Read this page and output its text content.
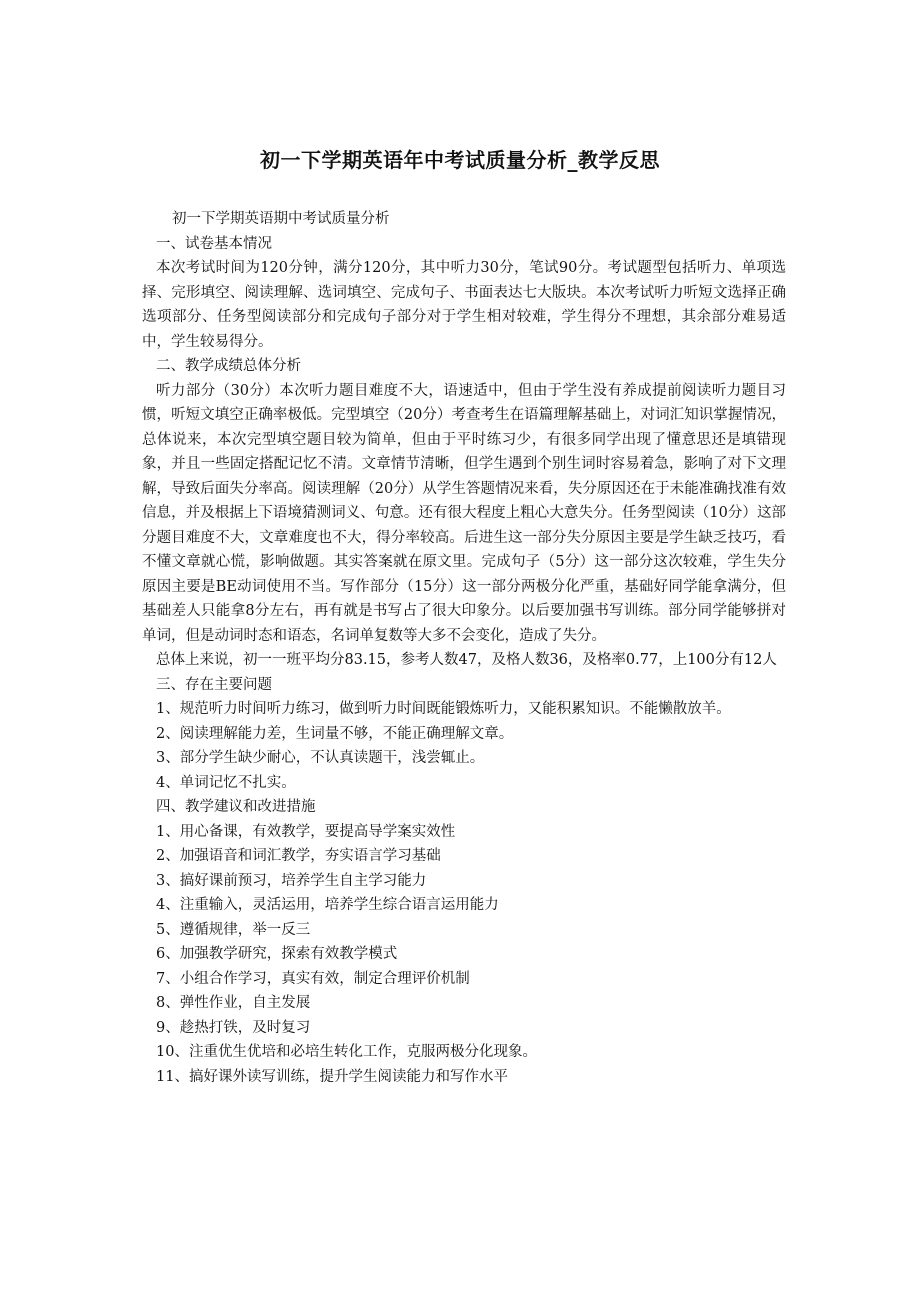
初一下学期英语年中考试质量分析_教学反思

初一下学期英语期中考试质量分析

一、试卷基本情况

本次考试时间为120分钟，满分120分，其中听力30分，笔试90分。考试题型包括听力、单项选择、完形填空、阅读理解、选词填空、完成句子、书面表达七大版块。本次考试听力听短文选择正确选项部分、任务型阅读部分和完成句子部分对于学生相对较难，学生得分不理想，其余部分难易适中，学生较易得分。

二、教学成绩总体分析

听力部分（30分）本次听力题目难度不大，语速适中，但由于学生没有养成提前阅读听力题目习惯，听短文填空正确率极低。完型填空（20分）考查考生在语篇理解基础上，对词汇知识掌握情况，总体说来，本次完型填空题目较为简单，但由于平时练习少，有很多同学出现了懂意思还是填错现象，并且一些固定搭配记忆不清。文章情节清晰，但学生遇到个别生词时容易着急，影响了对下文理解，导致后面失分率高。阅读理解（20分）从学生答题情况来看，失分原因还在于未能准确找准有效信息，并及根据上下语境猜测词义、句意。还有很大程度上粗心大意失分。任务型阅读（10分）这部分题目难度不大，文章难度也不大，得分率较高。后进生这一部分失分原因主要是学生缺乏技巧，看不懂文章就心慌，影响做题。其实答案就在原文里。完成句子（5分）这一部分这次较难，学生失分原因主要是BE动词使用不当。写作部分（15分）这一部分两极分化严重，基础好同学能拿满分，但基础差人只能拿8分左右，再有就是书写占了很大印象分。以后要加强书写训练。部分同学能够拼对单词，但是动词时态和语态，名词单复数等大多不会变化，造成了失分。

总体上来说，初一一班平均分83.15，参考人数47，及格人数36，及格率0.77，上100分有12人

三、存在主要问题

1、规范听力时间听力练习，做到听力时间既能锻炼听力，又能积累知识。不能懒散放羊。

2、阅读理解能力差，生词量不够，不能正确理解文章。

3、部分学生缺少耐心，不认真读题干，浅尝辄止。

4、单词记忆不扎实。

四、教学建议和改进措施

1、用心备课，有效教学，要提高导学案实效性

2、加强语音和词汇教学，夯实语言学习基础

3、搞好课前预习，培养学生自主学习能力

4、注重输入，灵活运用，培养学生综合语言运用能力

5、遵循规律，举一反三

6、加强教学研究，探索有效教学模式

7、小组合作学习，真实有效，制定合理评价机制

8、弹性作业，自主发展

9、趁热打铁，及时复习

10、注重优生优培和必培生转化工作，克服两极分化现象。

11、搞好课外读写训练，提升学生阅读能力和写作水平
